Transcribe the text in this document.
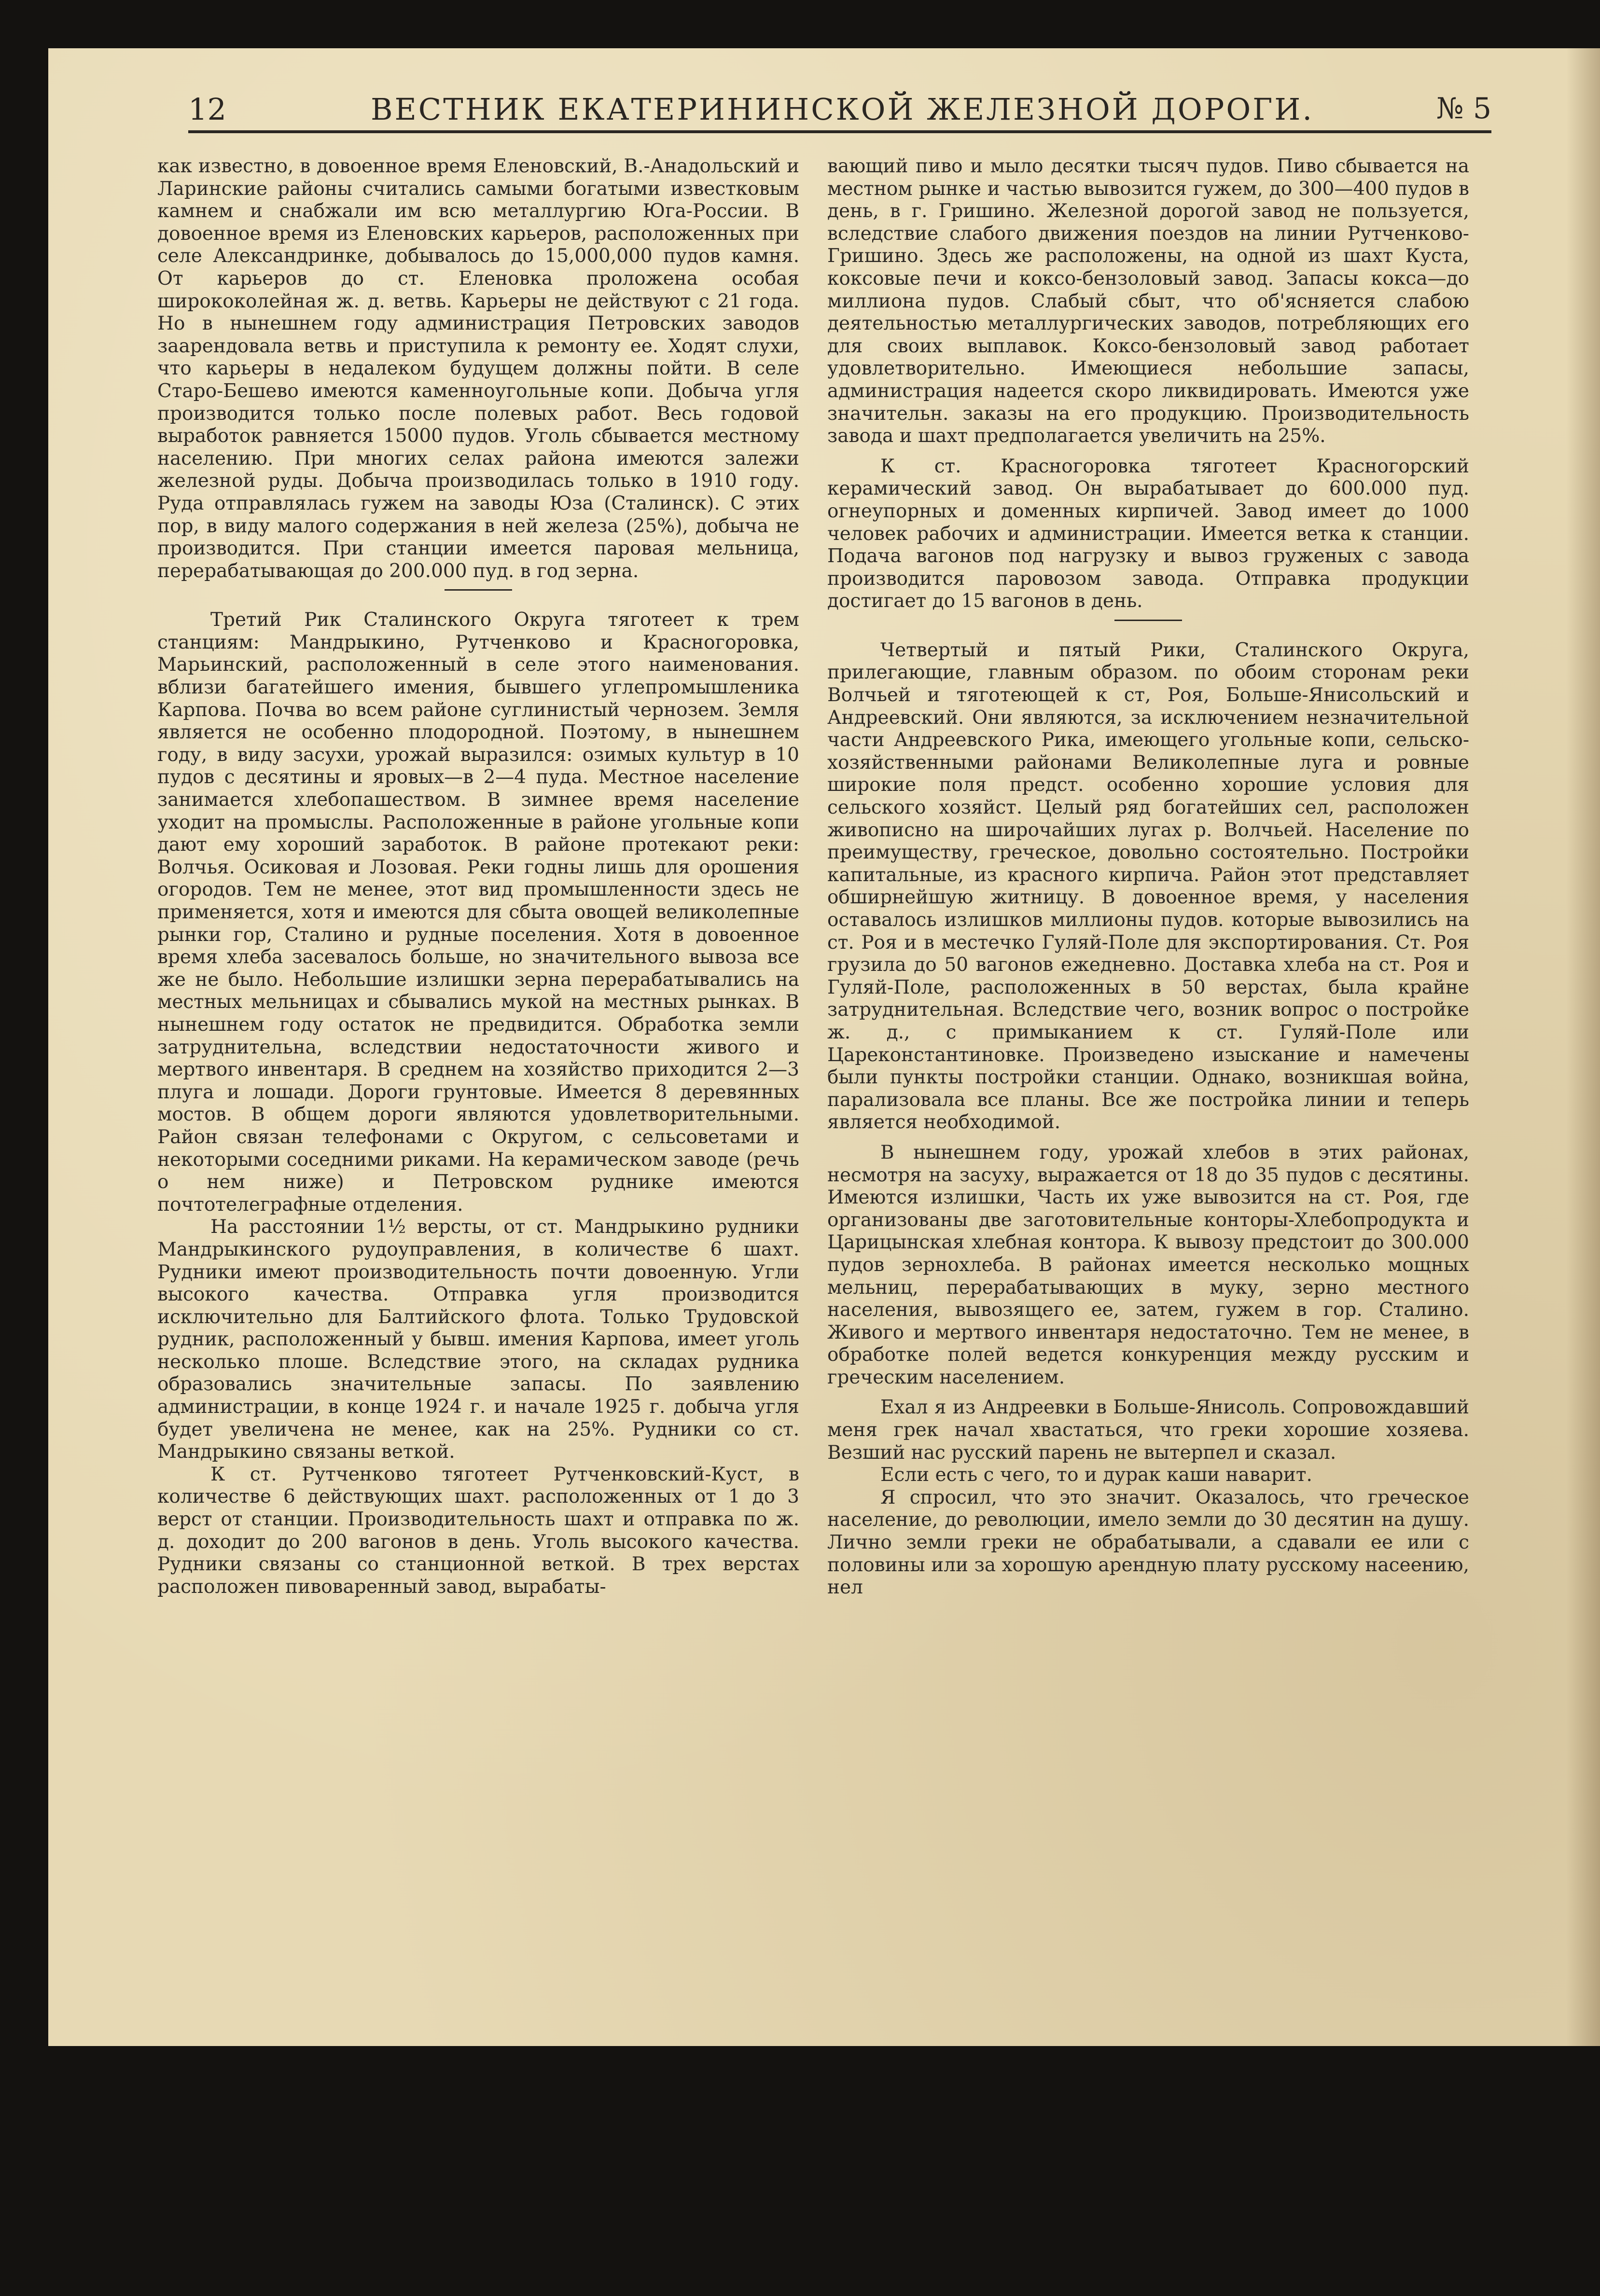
12	ВЕСТНИК ЕКАТЕРИНИНСКОЙ ЖЕЛЕЗНОЙ ДОРОГИ.	№ 5

как известно, в довоенное время Еленовский, В.-Анадольский и Ларинские районы считались самыми богатыми известковым камнем и снабжали им всю металлургию Юга-России. В довоенное время из Еленовских карьеров, расположенных при селе Александринке, добывалось до 15,000,000 пудов камня. От карьеров до ст. Еленовка проложена особая ширококолейная ж. д. ветвь. Карьеры не действуют с 21 года. Но в нынешнем году администрация Петровских заводов заарендовала ветвь и приступила к ремонту ее. Ходят слухи, что карьеры в недалеком будущем должны пойти. В селе Старо-Бешево имеются каменноугольные копи. Добыча угля производится только после полевых работ. Весь годовой выработок равняется 15000 пудов. Уголь сбывается местному населению. При многих селах района имеются залежи железной руды. Добыча производилась только в 1910 году. Руда отправлялась гужем на заводы Юза (Сталинск). С этих пор, в виду малого содержания в ней железа (25%), добыча не производится. При станции имеется паровая мельница, перерабатывающая до 200.000 пуд. в год зерна.

Третий Рик Сталинского Округа тяготеет к трем станциям: Мандрыкино, Рутченково и Красногоровка, Марьинский, расположенный в селе этого наименования. вблизи багатейшего имения, бывшего углепромышленика Карпова. Почва во всем районе суглинистый чернозем. Земля является не особенно плодородной. Поэтому, в нынешнем году, в виду засухи, урожай выразился: озимых культур в 10 пудов с десятины и яровых—в 2—4 пуда. Местное население занимается хлебопашеством. В зимнее время население уходит на промыслы. Расположенные в районе угольные копи дают ему хороший заработок. В районе протекают реки: Волчья. Осиковая и Лозовая. Реки годны лишь для орошения огородов. Тем не менее, этот вид промышленности здесь не применяется, хотя и имеются для сбыта овощей великолепные рынки гор, Сталино и рудные поселения. Хотя в довоенное время хлеба засевалось больше, но значительного вывоза все же не было. Небольшие излишки зерна перерабатывались на местных мельницах и сбывались мукой на местных рынках. В нынешнем году остаток не предвидится. Обработка земли затруднительна, вследствии недостаточности живого и мертвого инвентаря. В среднем на хозяйство приходится 2—3 плуга и лошади. Дороги грунтовые. Имеется 8 деревянных мостов. В общем дороги являются удовлетворительными. Район связан телефонами с Округом, с сельсоветами и некоторыми соседними риками. На керамическом заводе (речь о нем ниже) и Петровском руднике имеются почтотелеграфные отделения.

На расстоянии 1½ версты, от ст. Мандрыкино рудники Мандрыкинского рудоуправления, в количестве 6 шахт. Рудники имеют производительность почти довоенную. Угли высокого качества. Отправка угля производится исключительно для Балтийского флота. Только Трудовской рудник, расположенный у бывш. имения Карпова, имеет уголь несколько плоше. Вследствие этого, на складах рудника образовались значительные запасы. По заявлению администрации, в конце 1924 г. и начале 1925 г. добыча угля будет увеличена не менее, как на 25%. Рудники со ст. Мандрыкино связаны веткой.

К ст. Рутченково тяготеет Рутченковский-Куст, в количестве 6 действующих шахт. расположенных от 1 до 3 верст от станции. Производительность шахт и отправка по ж. д. доходит до 200 вагонов в день. Уголь высокого качества. Рудники связаны со станционной веткой. В трех верстах расположен пивоваренный завод, вырабаты-

вающий пиво и мыло десятки тысяч пудов. Пиво сбывается на местном рынке и частью вывозится гужем, до 300—400 пудов в день, в г. Гришино. Железной дорогой завод не пользуется, вследствие слабого движения поездов на линии Рутченково-Гришино. Здесь же расположены, на одной из шахт Куста, коксовые печи и коксо-бензоловый завод. Запасы кокса—до миллиона пудов. Слабый сбыт, что об'ясняется слабою деятельностью металлургических заводов, потребляющих его для своих выплавок. Коксо-бензоловый завод работает удовлетворительно. Имеющиеся небольшие запасы, администрация надеется скоро ликвидировать. Имеются уже значительн. заказы на его продукцию. Производительность завода и шахт предполагается увеличить на 25%.

К ст. Красногоровка тяготеет Красногорский керамический завод. Он вырабатывает до 600.000 пуд. огнеупорных и доменных кирпичей. Завод имеет до 1000 человек рабочих и администрации. Имеется ветка к станции. Подача вагонов под нагрузку и вывоз груженых с завода производится паровозом завода. Отправка продукции достигает до 15 вагонов в день.

Четвертый и пятый Рики, Сталинского Округа, прилегающие, главным образом. по обоим сторонам реки Волчьей и тяготеющей к ст, Роя, Больше-Янисольский и Андреевский. Они являются, за исключением незначительной части Андреевского Рика, имеющего угольные копи, сельско-хозяйственными районами Великолепные луга и ровные широкие поля предст. особенно хорошие условия для сельского хозяйст. Целый ряд богатейших сел, расположен живописно на широчайших лугах р. Волчьей. Население по преимуществу, греческое, довольно состоятельно. Постройки капитальные, из красного кирпича. Район этот представляет обширнейшую житницу. В довоенное время, у населения оставалось излишков миллионы пудов. которые вывозились на ст. Роя и в местечко Гуляй-Поле для экспортирования. Ст. Роя грузила до 50 вагонов ежедневно. Доставка хлеба на ст. Роя и Гуляй-Поле, расположенных в 50 верстах, была крайне затруднительная. Вследствие чего, возник вопрос о постройке ж. д., с примыканием к ст. Гуляй-Поле или Царекoнстантиновке. Произведено изыскание и намечены были пункты постройки станции. Однако, возникшая война, парализовала все планы. Все же постройка линии и теперь является необходимой.

В нынешнем году, урожай хлебов в этих районах, несмотря на засуху, выражается от 18 до 35 пудов с десятины. Имеются излишки, Часть их уже вывозится на ст. Роя, где организованы две заготовительные конторы-Хлебопродукта и Царицынская хлебная контора. К вывозу предстоит до 300.000 пудов зернохлеба. В районах имеется несколько мощных мельниц, перерабатывающих в муку, зерно местного населения, вывозящего ее, затем, гужем в гор. Сталино. Живого и мертвого инвентаря недостаточно. Тем не менее, в обработке полей ведется конкуренция между русским и греческим населением.

Ехал я из Андреевки в Больше-Янисоль. Сопровождавший меня грек начал хвастаться, что греки хорошие хозяева. Везший нас русский парень не вытерпел и сказал.

Если есть с чего, то и дурак каши наварит.

Я спросил, что это значит. Оказалось, что греческое население, до революции, имело земли до 30 десятин на душу. Лично земли греки не обрабатывали, а сдавали ее или с половины или за хорошую арендную плату русскому насеению, нел
